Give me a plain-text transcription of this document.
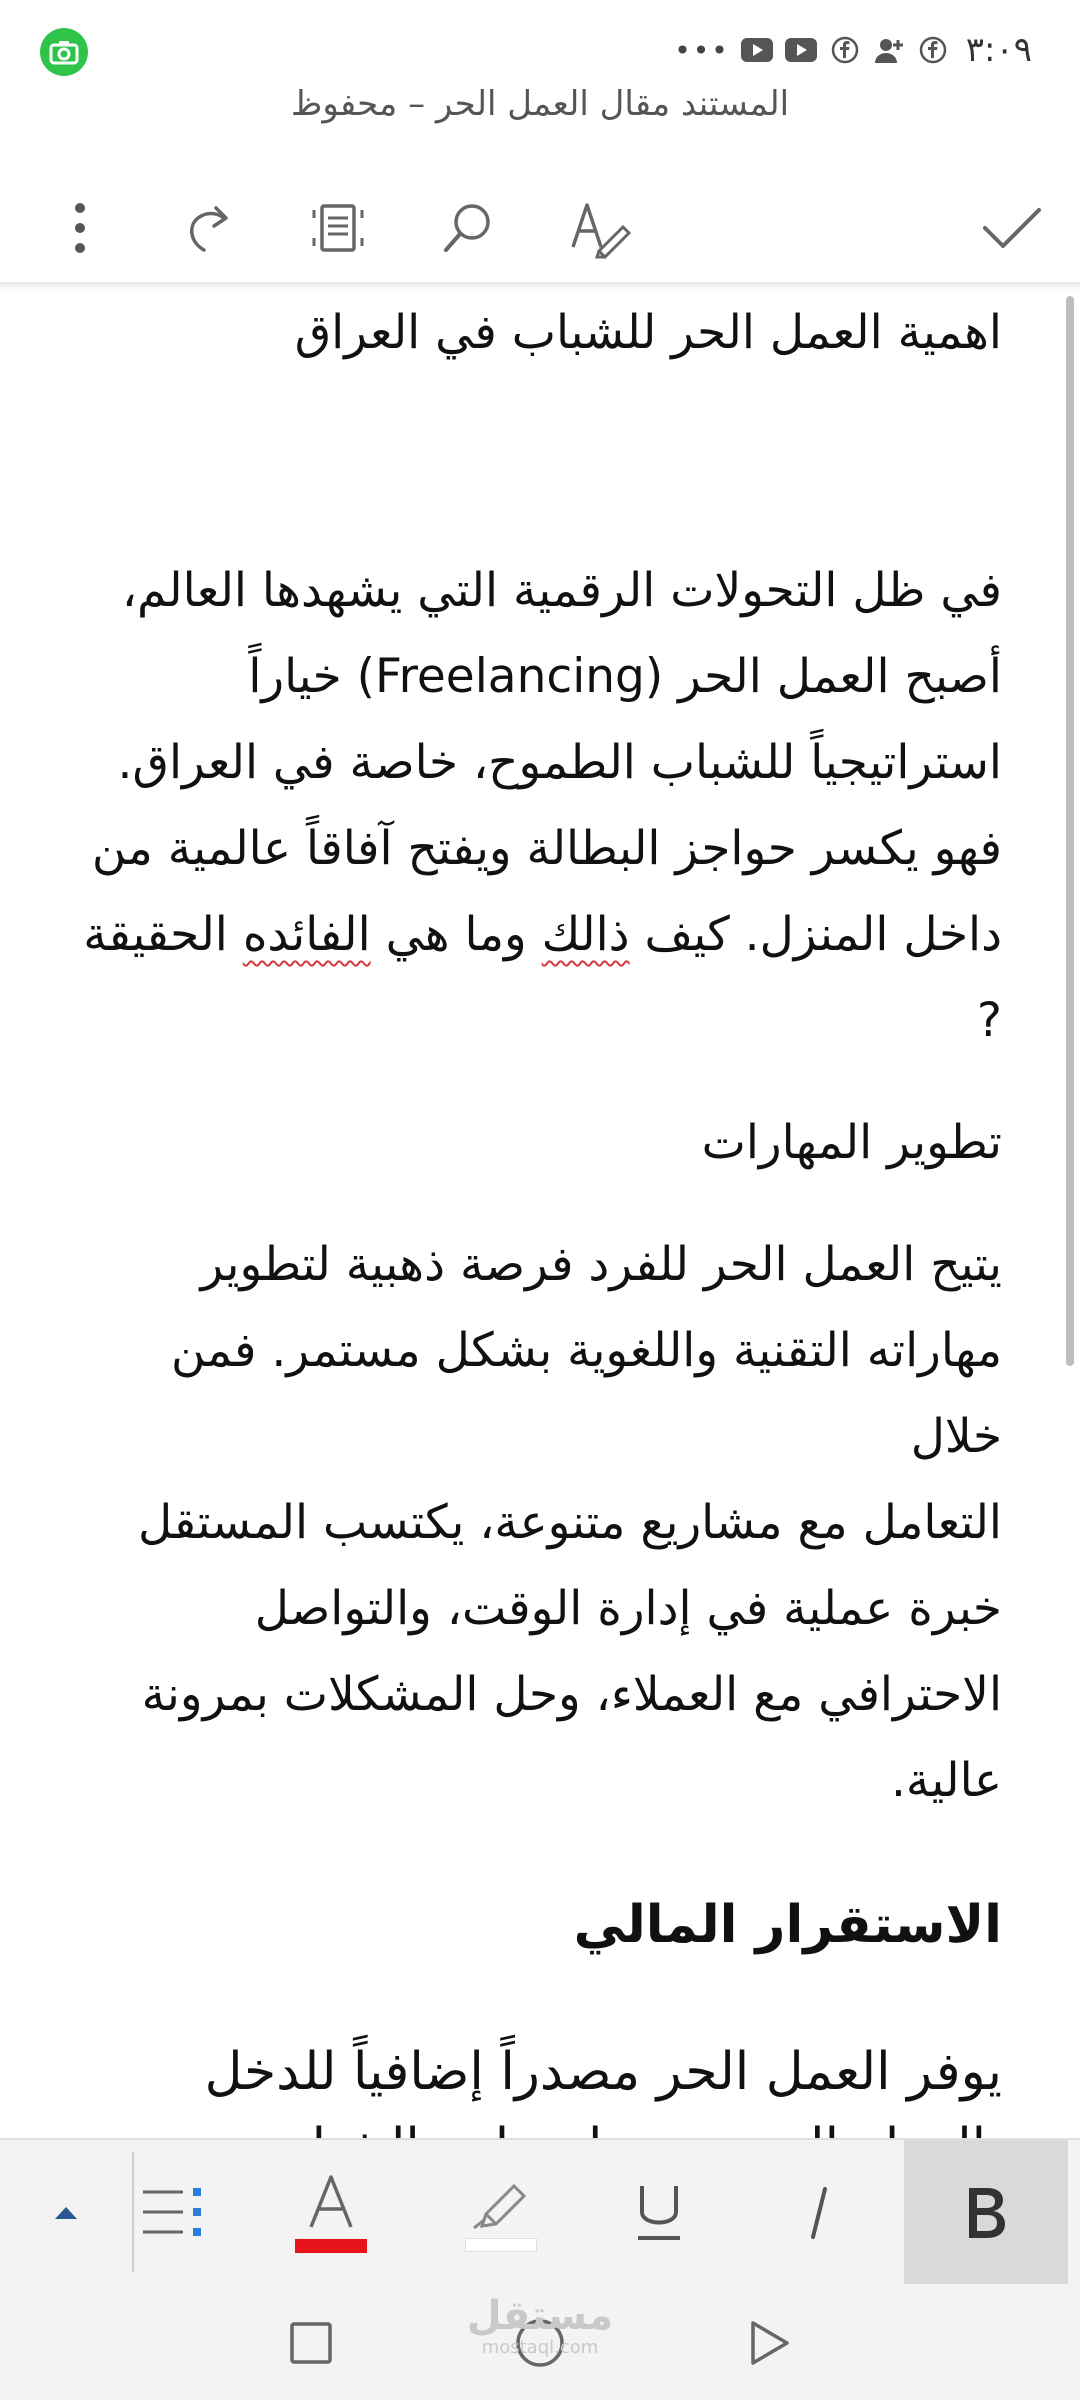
•••	٣:٠٩
المستند مقال العمل الحر – محفوظ
اهمية العمل الحر للشباب في العراق
في ظل التحولات الرقمية التي يشهدها العالم،
أصبح العمل الحر (Freelancing) خياراً
استراتيجياً للشباب الطموح، خاصة في العراق.
فهو يكسر حواجز البطالة ويفتح آفاقاً عالمية من
داخل المنزل. كيف ذالك وما هي الفائده الحقيقة
?
تطوير المهارات
يتيح العمل الحر للفرد فرصة ذهبية لتطوير
مهاراته التقنية واللغوية بشكل مستمر. فمن خلال
التعامل مع مشاريع متنوعة، يكتسب المستقل
خبرة عملية في إدارة الوقت، والتواصل
الاحترافي مع العملاء، وحل المشكلات بمرونة
عالية.
الاستقرار المالي
يوفر العمل الحر مصدراً إضافياً للدخل
مستقل
mostaql.com
